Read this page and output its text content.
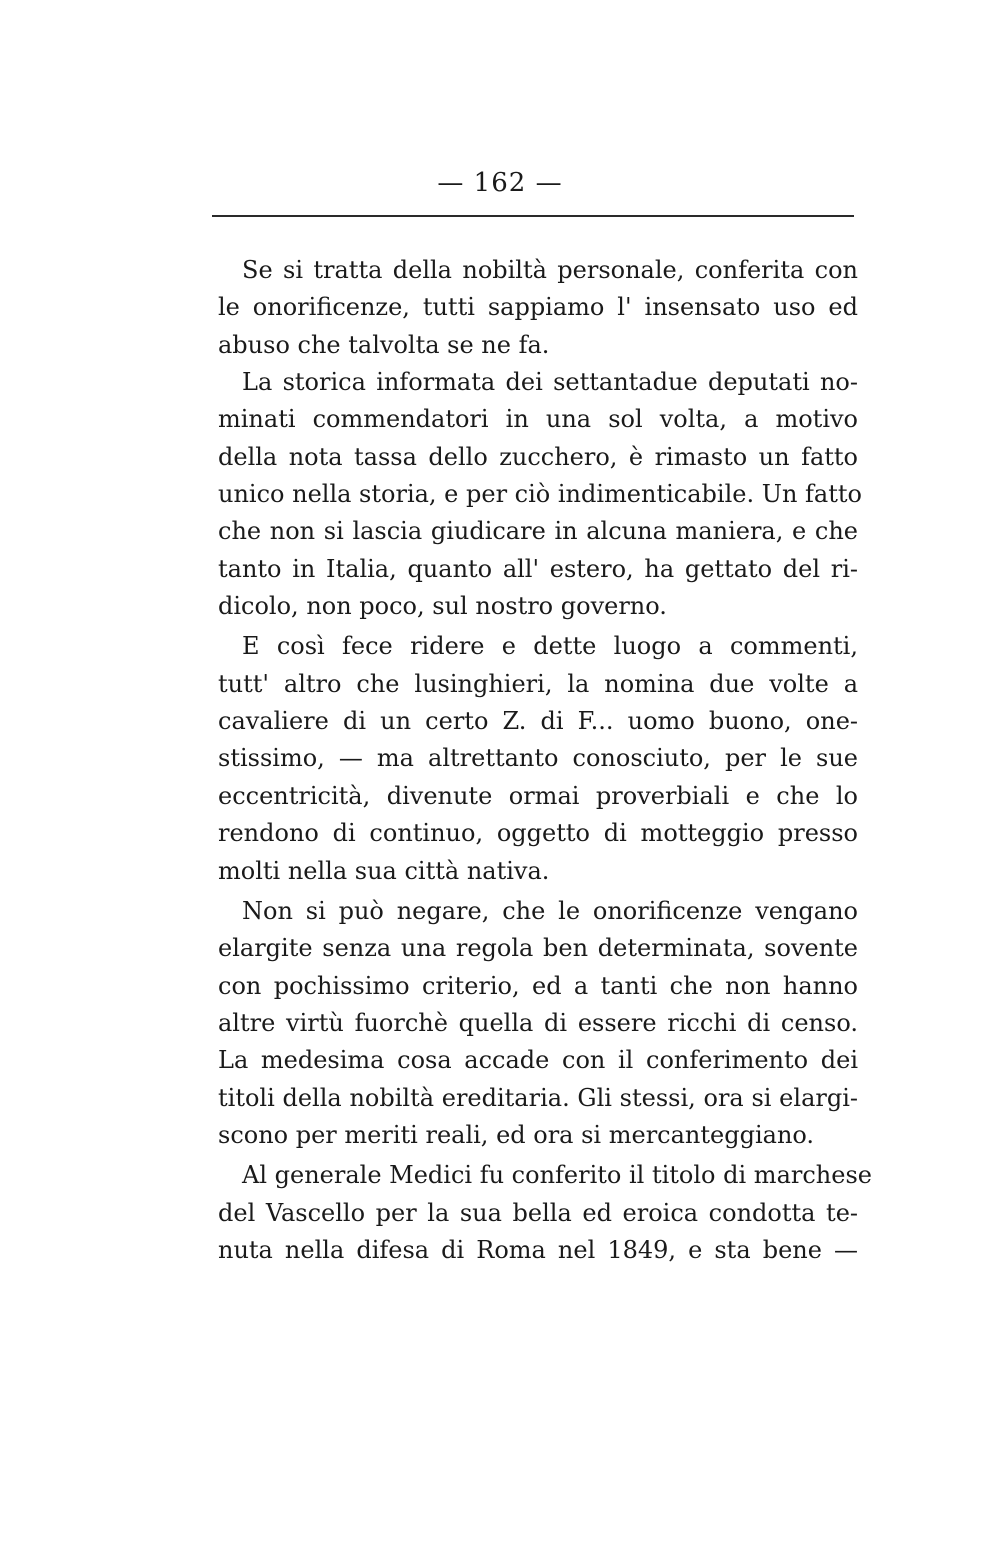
— 162 —
Se si tratta della nobiltà personale, conferita con
le onorificenze, tutti sappiamo l' insensato uso ed
abuso che talvolta se ne fa.
La storica informata dei settantadue deputati no-
minati commendatori in una sol volta, a motivo
della nota tassa dello zucchero, è rimasto un fatto
unico nella storia, e per ciò indimenticabile. Un fatto
che non si lascia giudicare in alcuna maniera, e che
tanto in Italia, quanto all' estero, ha gettato del ri-
dicolo, non poco, sul nostro governo.
E così fece ridere e dette luogo a commenti,
tutt' altro che lusinghieri, la nomina due volte a
cavaliere di un certo Z. di F... uomo buono, one-
stissimo, — ma altrettanto conosciuto, per le sue
eccentricità, divenute ormai proverbiali e che lo
rendono di continuo, oggetto di motteggio presso
molti nella sua città nativa.
Non si può negare, che le onorificenze vengano
elargite senza una regola ben determinata, sovente
con pochissimo criterio, ed a tanti che non hanno
altre virtù fuorchè quella di essere ricchi di censo.
La medesima cosa accade con il conferimento dei
titoli della nobiltà ereditaria. Gli stessi, ora si elargi-
scono per meriti reali, ed ora si mercanteggiano.
Al generale Medici fu conferito il titolo di marchese
del Vascello per la sua bella ed eroica condotta te-
nuta nella difesa di Roma nel 1849, e sta bene —
